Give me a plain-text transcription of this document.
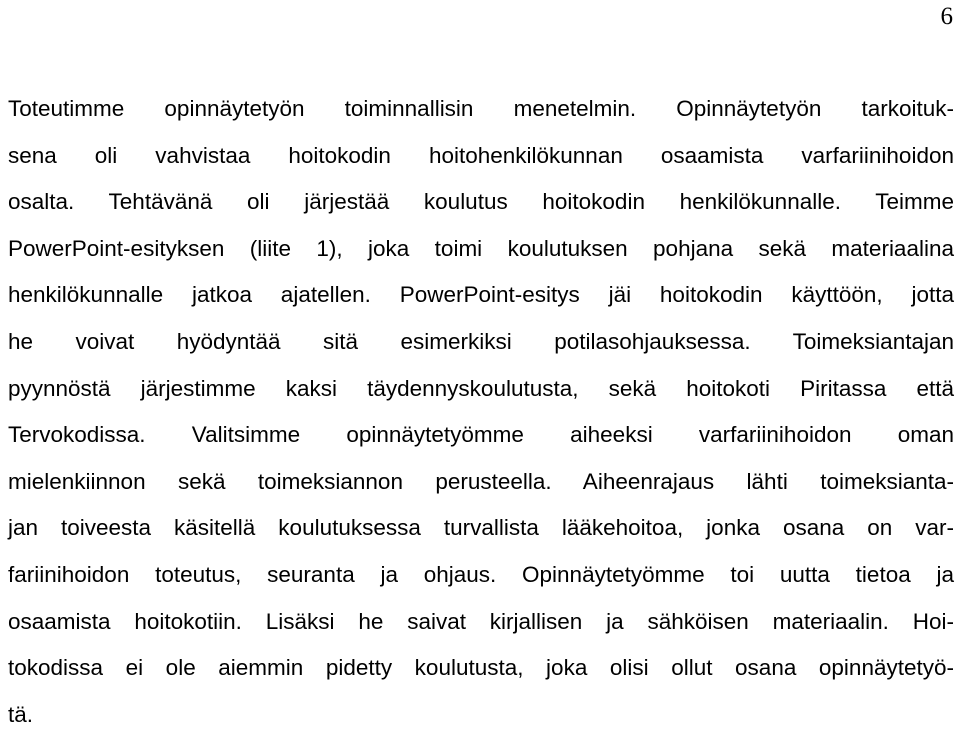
6
Toteutimme opinnäytetyön toiminnallisin menetelmin. Opinnäytetyön tarkoituk-
sena oli vahvistaa hoitokodin hoitohenkilökunnan osaamista varfariinihoidon
osalta. Tehtävänä oli järjestää koulutus hoitokodin henkilökunnalle. Teimme
PowerPoint-esityksen (liite 1), joka toimi koulutuksen pohjana sekä materiaalina
henkilökunnalle jatkoa ajatellen. PowerPoint-esitys jäi hoitokodin käyttöön, jotta
he voivat hyödyntää sitä esimerkiksi potilasohjauksessa. Toimeksiantajan
pyynnöstä järjestimme kaksi täydennyskoulutusta, sekä hoitokoti Piritassa että
Tervokodissa. Valitsimme opinnäytetyömme aiheeksi varfariinihoidon oman
mielenkiinnon sekä toimeksiannon perusteella. Aiheenrajaus lähti toimeksianta-
jan toiveesta käsitellä koulutuksessa turvallista lääkehoitoa, jonka osana on var-
fariinihoidon toteutus, seuranta ja ohjaus. Opinnäytetyömme toi uutta tietoa ja
osaamista hoitokotiin. Lisäksi he saivat kirjallisen ja sähköisen materiaalin. Hoi-
tokodissa ei ole aiemmin pidetty koulutusta, joka olisi ollut osana opinnäytetyö-
tä.
